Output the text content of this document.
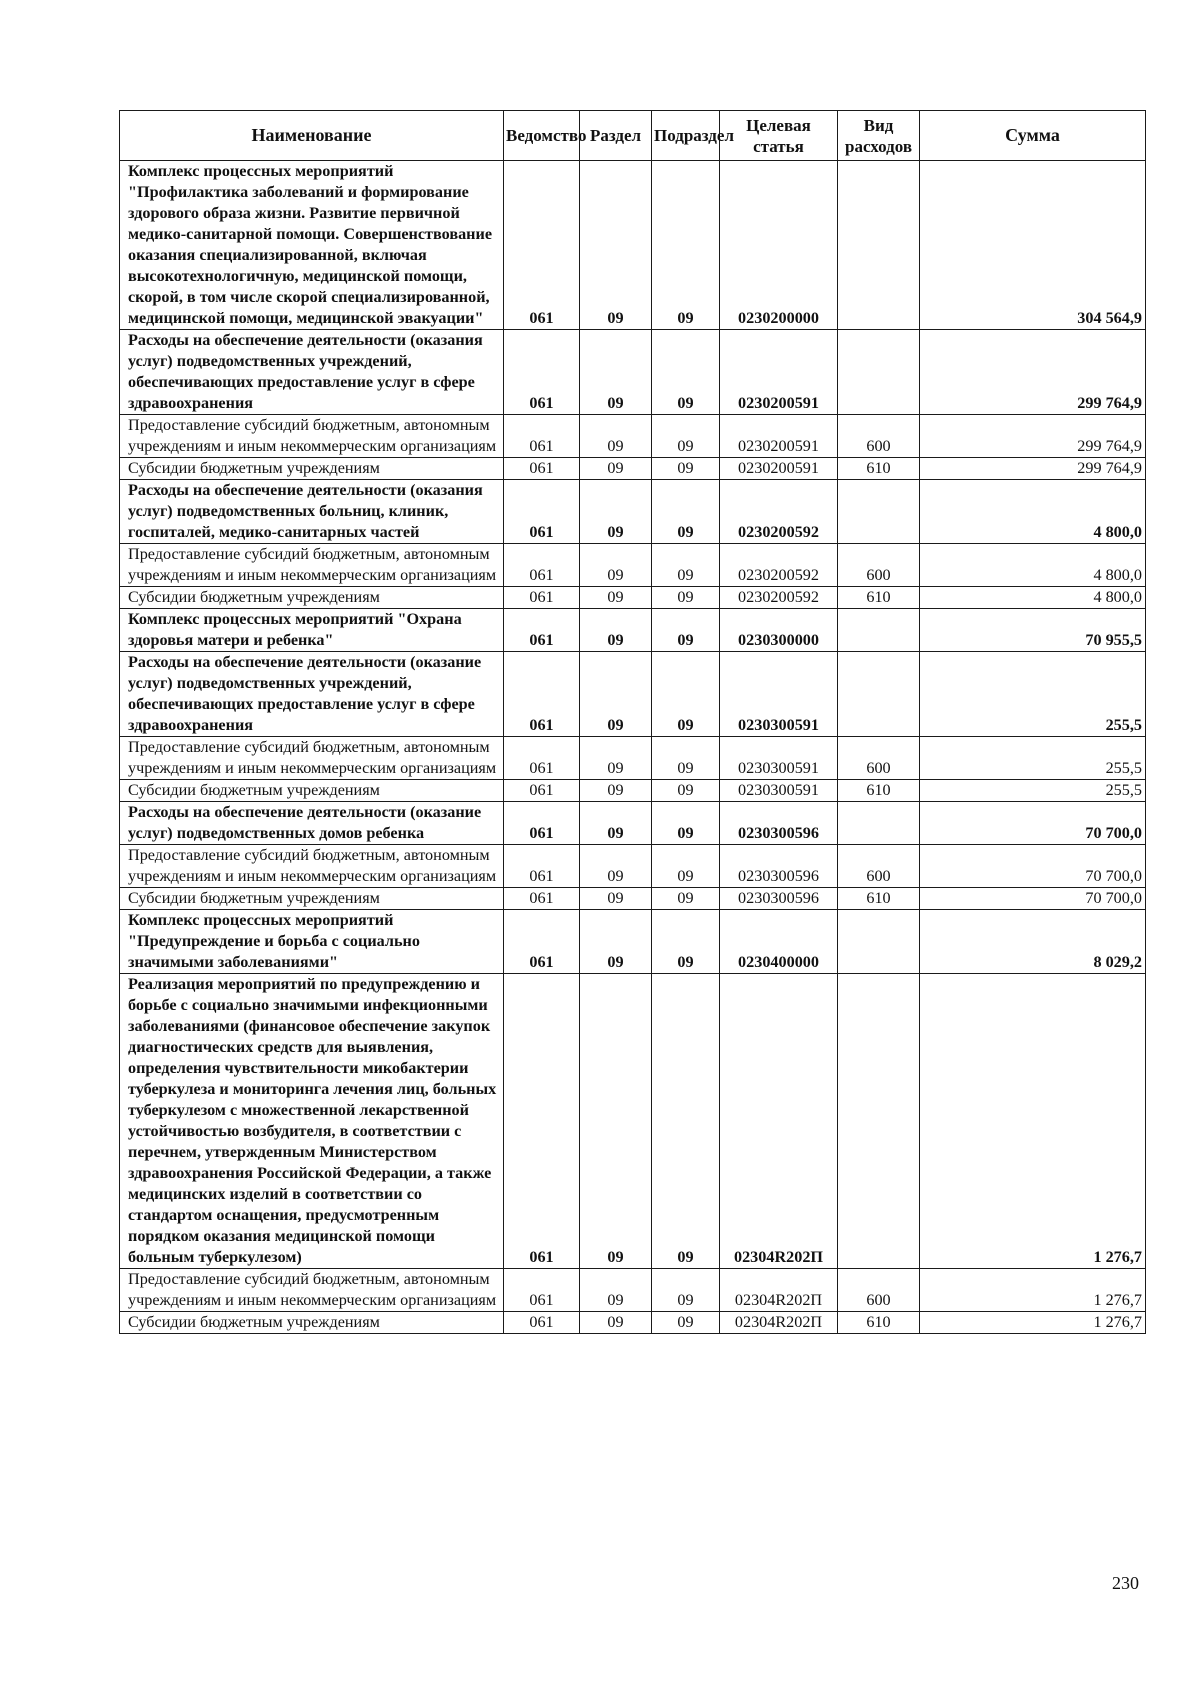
Наименование	Ведомство	Раздел	Подраздел	Целевая статья	Вид расходов	Сумма
Комплекс процессных мероприятий "Профилактика заболеваний и формирование здорового образа жизни. Развитие первичной медико-санитарной помощи. Совершенствование оказания специализированной, включая высокотехнологичную, медицинской помощи, скорой, в том числе скорой специализированной, медицинской помощи, медицинской эвакуации"	061	09	09	0230200000		304 564,9
Расходы на обеспечение деятельности (оказания услуг) подведомственных учреждений, обеспечивающих предоставление услуг в сфере здравоохранения	061	09	09	0230200591		299 764,9
Предоставление субсидий бюджетным, автономным учреждениям и иным некоммерческим организациям	061	09	09	0230200591	600	299 764,9
Субсидии бюджетным учреждениям	061	09	09	0230200591	610	299 764,9
Расходы на обеспечение деятельности (оказания услуг) подведомственных больниц, клиник, госпиталей, медико-санитарных частей	061	09	09	0230200592		4 800,0
Предоставление субсидий бюджетным, автономным учреждениям и иным некоммерческим организациям	061	09	09	0230200592	600	4 800,0
Субсидии бюджетным учреждениям	061	09	09	0230200592	610	4 800,0
Комплекс процессных мероприятий "Охрана здоровья матери и ребенка"	061	09	09	0230300000		70 955,5
Расходы на обеспечение деятельности (оказание услуг) подведомственных учреждений, обеспечивающих предоставление услуг в сфере здравоохранения	061	09	09	0230300591		255,5
Предоставление субсидий бюджетным, автономным учреждениям и иным некоммерческим организациям	061	09	09	0230300591	600	255,5
Субсидии бюджетным учреждениям	061	09	09	0230300591	610	255,5
Расходы на обеспечение деятельности (оказание услуг) подведомственных домов ребенка	061	09	09	0230300596		70 700,0
Предоставление субсидий бюджетным, автономным учреждениям и иным некоммерческим организациям	061	09	09	0230300596	600	70 700,0
Субсидии бюджетным учреждениям	061	09	09	0230300596	610	70 700,0
Комплекс процессных мероприятий "Предупреждение и борьба с социально значимыми заболеваниями"	061	09	09	0230400000		8 029,2
Реализация мероприятий по предупреждению и борьбе с социально значимыми инфекционными заболеваниями (финансовое обеспечение закупок диагностических средств для выявления, определения чувствительности микобактерии туберкулеза и мониторинга лечения лиц, больных туберкулезом с множественной лекарственной устойчивостью возбудителя, в соответствии с перечнем, утвержденным Министерством здравоохранения Российской Федерации, а также медицинских изделий в соответствии со стандартом оснащения, предусмотренным порядком оказания медицинской помощи больным туберкулезом)	061	09	09	02304R202П		1 276,7
Предоставление субсидий бюджетным, автономным учреждениям и иным некоммерческим организациям	061	09	09	02304R202П	600	1 276,7
Субсидии бюджетным учреждениям	061	09	09	02304R202П	610	1 276,7
230
